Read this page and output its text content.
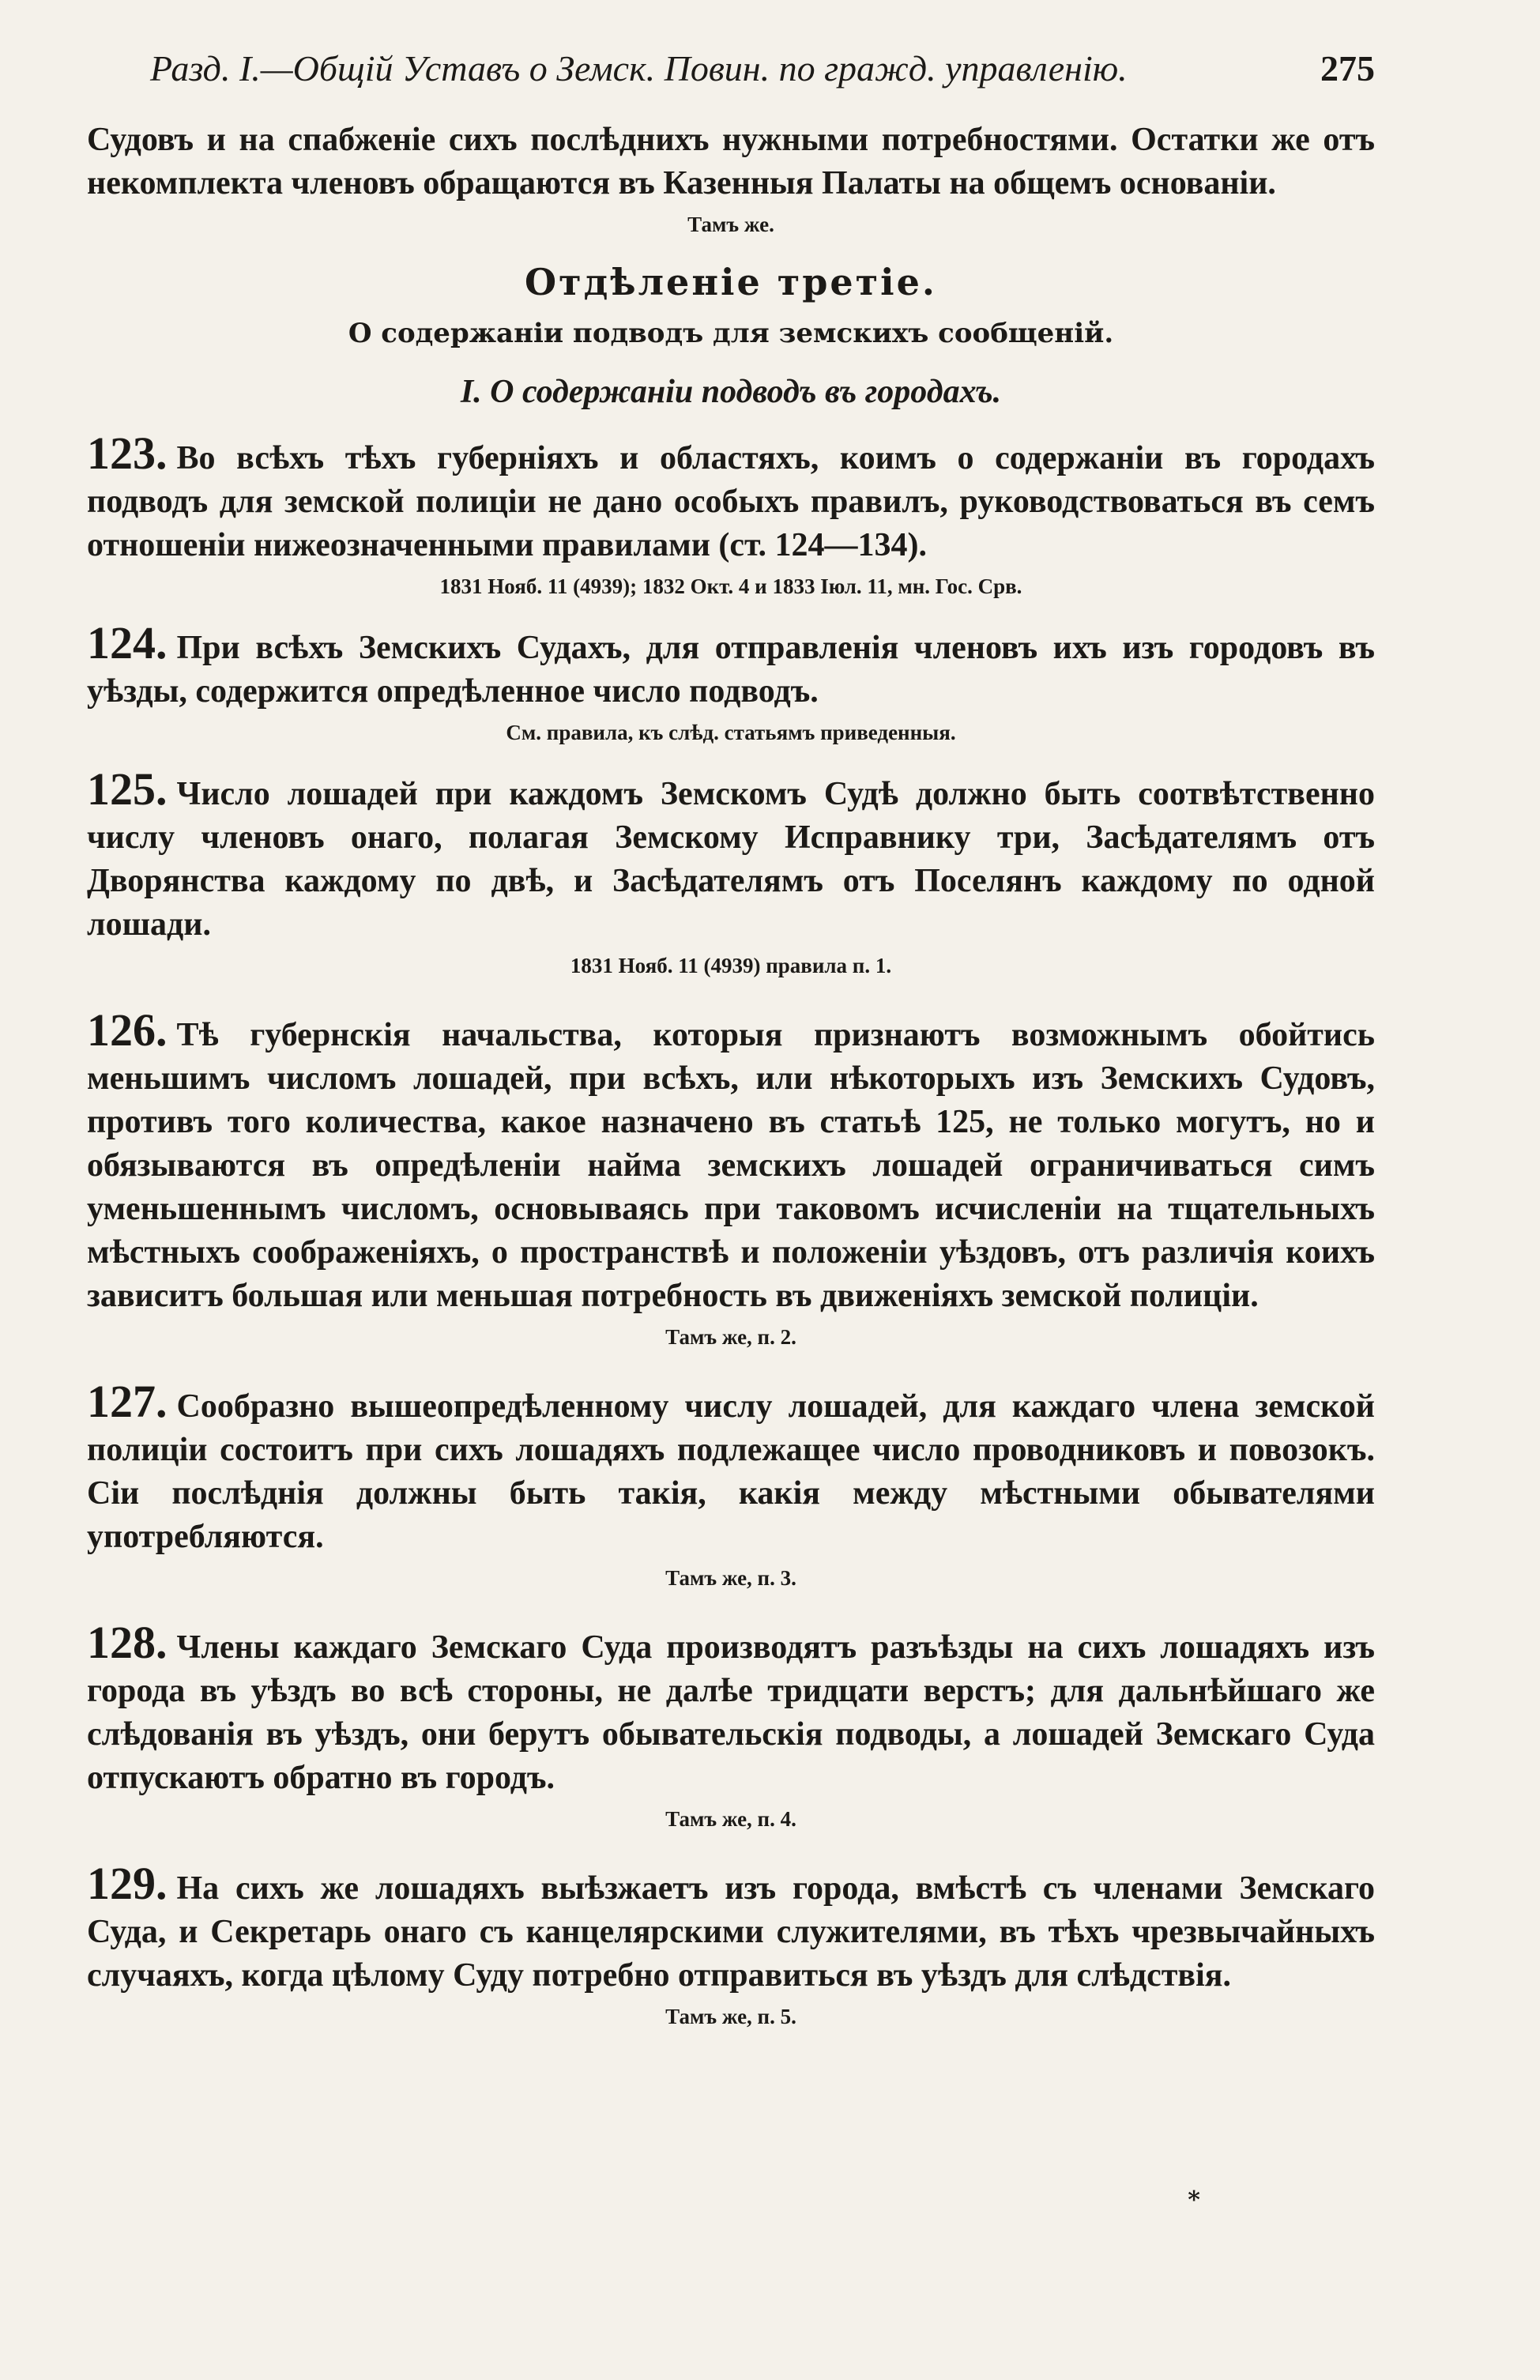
Разд. I.—Общій Уставъ о Земск. Повин. по гражд. управленію.	275

Судовъ и на спабженіе сихъ послѣднихъ нужными потребностями. Остатки же отъ некомплекта членовъ обращаются въ Казенныя Палаты на общемъ основаніи.

Тамъ же.
Отдѣленіе третіе.
О содержаніи подводъ для земскихъ сообщеній.
I. О содержаніи подводъ въ городахъ.

123. Во всѣхъ тѣхъ губерніяхъ и областяхъ, коимъ о содержаніи въ городахъ подводъ для земской полиціи не дано особыхъ правилъ, руководствоваться въ семъ отношеніи нижеозначенными правилами (ст. 124—134).

1831 Нояб. 11 (4939); 1832 Окт. 4 и 1833 Іюл. 11, мн. Гос. Срв.

124. При всѣхъ Земскихъ Судахъ, для отправленія членовъ ихъ изъ городовъ въ уѣзды, содержится опредѣленное число подводъ.

См. правила, къ слѣд. статьямъ приведенныя.

125. Число лошадей при каждомъ Земскомъ Судѣ должно быть соотвѣтственно числу членовъ онаго, полагая Земскому Исправнику три, Засѣдателямъ отъ Дворянства каждому по двѣ, и Засѣдателямъ отъ Поселянъ каждому по одной лошади.

1831 Нояб. 11 (4939) правила п. 1.

126. Тѣ губернскія начальства, которыя признаютъ возможнымъ обойтись меньшимъ числомъ лошадей, при всѣхъ, или нѣкоторыхъ изъ Земскихъ Судовъ, противъ того количества, какое назначено въ статьѣ 125, не только могутъ, но и обязываются въ опредѣленіи найма земскихъ лошадей ограничиваться симъ уменьшеннымъ числомъ, основываясь при таковомъ исчисленіи на тщательныхъ мѣстныхъ соображеніяхъ, о пространствѣ и положеніи уѣздовъ, отъ различія коихъ зависитъ большая или меньшая потребность въ движеніяхъ земской полиціи.

Тамъ же, п. 2.

127. Сообразно вышеопредѣленному числу лошадей, для каждаго члена земской полиціи состоитъ при сихъ лошадяхъ подлежащее число проводниковъ и повозокъ. Сіи послѣднія должны быть такія, какія между мѣстными обывателями употребляются.

Тамъ же, п. 3.

128. Члены каждаго Земскаго Суда производятъ разъѣзды на сихъ лошадяхъ изъ города въ уѣздъ во всѣ стороны, не далѣе тридцати верстъ; для дальнѣйшаго же слѣдованія въ уѣздъ, они берутъ обывательскія подводы, а лошадей Земскаго Суда отпускаютъ обратно въ городъ.

Тамъ же, п. 4.

129. На сихъ же лошадяхъ выѣзжаетъ изъ города, вмѣстѣ съ членами Земскаго Суда, и Секретарь онаго съ канцелярскими служителями, въ тѣхъ чрезвычайныхъ случаяхъ, когда цѣлому Суду потребно отправиться въ уѣздъ для слѣдствія.

Тамъ же, п. 5.
*
